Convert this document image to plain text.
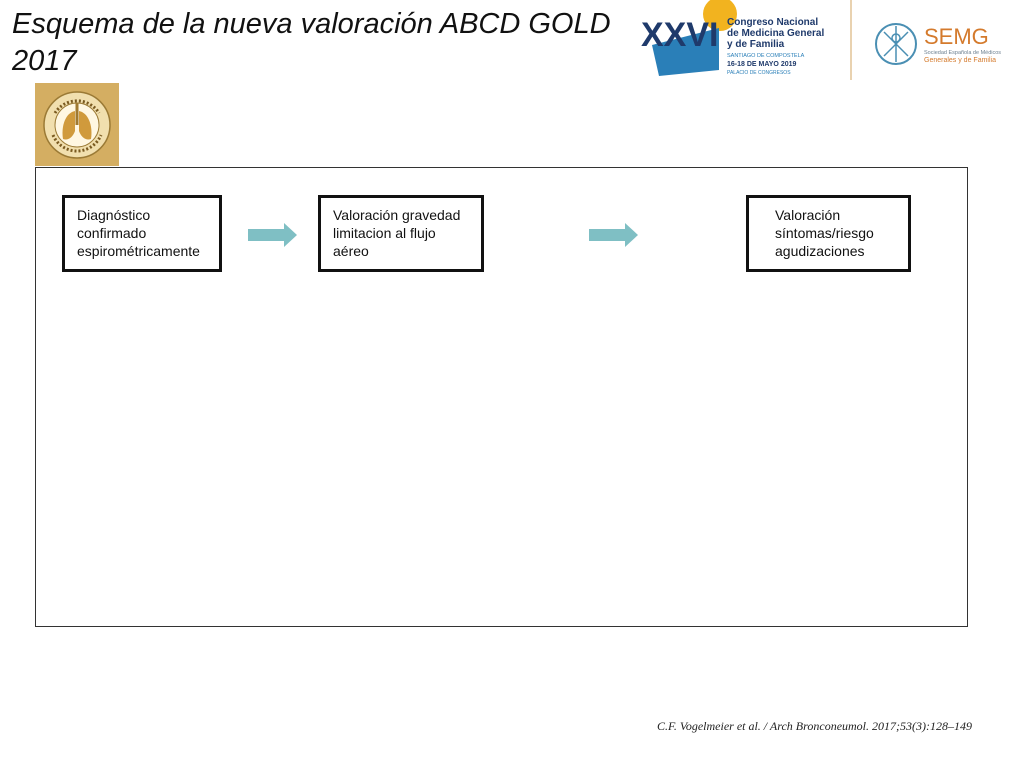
Esquema de la nueva valoración ABCD GOLD 2017
XXVI Congreso Nacional
de Medicina General
y de Familia
SANTIAGO DE COMPOSTELA
16-18 DE MAYO 2019
PALACIO DE CONGRESOS
SEMG
Sociedad Española de Médicos
Generales y de Familia
Diagnóstico
confirmado
espirométricamente
Valoración gravedad
limitacion al flujo
aéreo
Valoración
síntomas/riesgo
agudizaciones
C.F. Vogelmeier et al. / Arch Bronconeumol. 2017;53(3):128–149
